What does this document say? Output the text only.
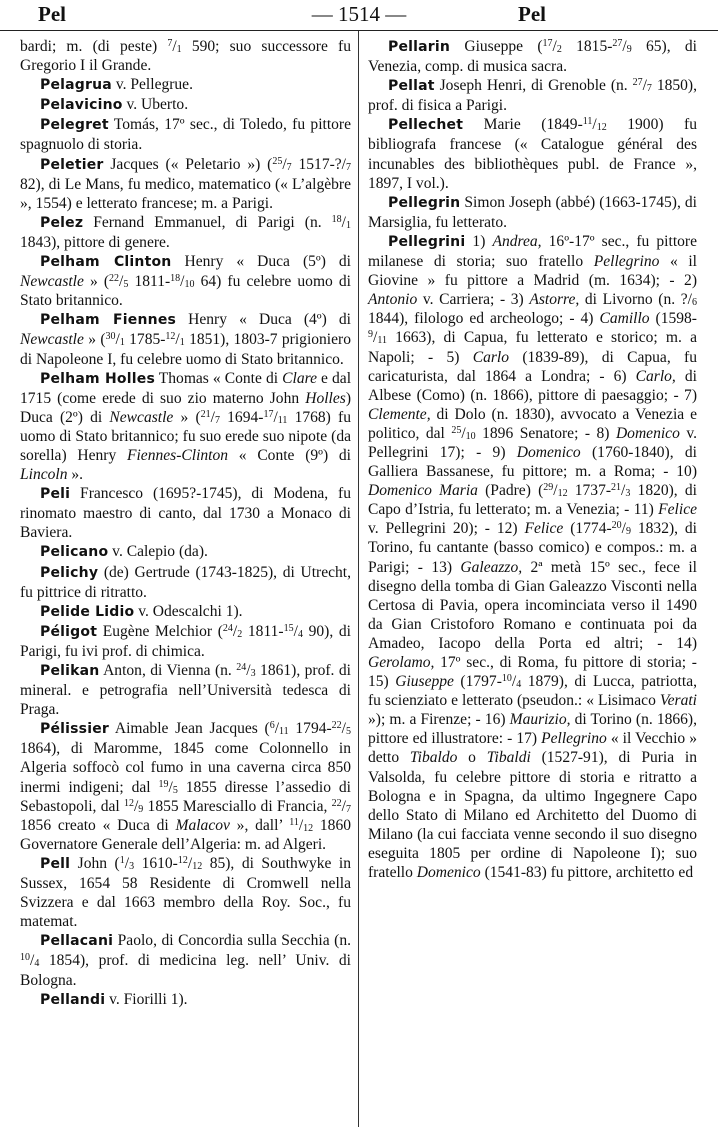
Pel	— 1514 —	Pel

bardi; m. (di peste) $^7/_1$ 590; suo successore fu Gregorio I il Grande.

Pelagrua v. Pellegrue.

Pelavicino v. Uberto.

Pelegret Tomás, 17º sec., di Toledo, fu pittore spagnuolo di storia.

Peletier Jacques (« Peletario ») ($^{25}/_7$ $1517-?/_7$ 82), di Le Mans, fu medico, matematico (« L’algèbre », 1554) e letterato francese; m. a Parigi.

Pelez Fernand Emmanuel, di Parigi (n. $^{18}/_1$ 1843), pittore di genere.

Pelham Clinton Henry « Duca (5º) di Newcastle » ($^{22}/_5$ $1811-^{18}/_{10}$ 64) fu celebre uomo di Stato britannico.

Pelham Fiennes Henry « Duca (4º) di Newcastle » ($^{30}/_1$ $1785-^{12}/_1$ 1851), 1803-7 prigioniero di Napoleone I, fu celebre uomo di Stato britannico.

Pelham Holles Thomas « Conte di Clare e dal 1715 (come erede di suo zio materno John Holles) Duca (2º) di Newcastle » ($^{21}/_7$ $1694-^{17}/_{11}$ 1768) fu uomo di Stato britannico; fu suo erede suo nipote (da sorella) Henry Fiennes-Clinton « Conte (9º) di Lincoln ».

Peli Francesco (1695?-1745), di Modena, fu rinomato maestro di canto, dal 1730 a Monaco di Baviera.

Pelicano v. Calepio (da).

Pelichy (de) Gertrude (1743-1825), di Utrecht, fu pittrice di ritratto.

Pelide Lidio v. Odescalchi 1).

Péligot Eugène Melchior ($^{24}/_2$ $1811-^{15}/_4$ 90), di Parigi, fu ivi prof. di chimica.

Pelikan Anton, di Vienna (n. $^{24}/_3$ 1861), prof. di mineral. e petrografia nell’Università tedesca di Praga.

Pélissier Aimable Jean Jacques ($^6/_{11}$ $1794-^{22}/_5$ 1864), di Maromme, 1845 come Colonnello in Algeria soffocò col fumo in una caverna circa 850 inermi indigeni; dal $^{19}/_5$ 1855 diresse l’assedio di Sebastopoli, dal $^{12}/_9$ 1855 Maresciallo di Francia, $^{22}/_7$ 1856 creato « Duca di Malacov », dall’ $^{11}/_{12}$ 1860 Governatore Generale dell’Algeria: m. ad Algeri.

Pell John ($^1/_3$ $1610-^{12}/_{12}$ 85), di Southwyke in Sussex, 1654 58 Residente di Cromwell nella Svizzera e dal 1663 membro della Roy. Soc., fu matemat.

Pellacani Paolo, di Concordia sulla Secchia (n. $^{10}/_4$ 1854), prof. di medicina leg. nell’ Univ. di Bologna.

Pellandi v. Fiorilli 1).

Pellarin Giuseppe ($^{17}/_2$ $1815-^{27}/_9$ 65), di Venezia, comp. di musica sacra.

Pellat Joseph Henri, di Grenoble (n. $^{27}/_7$ 1850), prof. di fisica a Parigi.

Pellechet Marie ($1849-^{11}/_{12}$ 1900) fu bibliografa francese (« Catalogue général des incunables des bibliothèques publ. de France », 1897, I vol.).

Pellegrin Simon Joseph (abbé) (1663-1745), di Marsiglia, fu letterato.

Pellegrini 1) Andrea, 16º-17º sec., fu pittore milanese di storia; suo fratello Pellegrino « il Giovine » fu pittore a Madrid (m. 1634); - 2) Antonio v. Carriera; - 3) Astorre, di Livorno (n. $?/_6$ 1844), filologo ed archeologo; - 4) Camillo ($1598-^9/_{11}$ 1663), di Capua, fu letterato e storico; m. a Napoli; - 5) Carlo (1839-89), di Capua, fu caricaturista, dal 1864 a Londra; - 6) Carlo, di Albese (Como) (n. 1866), pittore di paesaggio; - 7) Clemente, di Dolo (n. 1830), avvocato a Venezia e politico, dal $^{25}/_{10}$ 1896 Senatore; - 8) Domenico v. Pellegrini 17); - 9) Domenico (1760-1840), di Galliera Bassanese, fu pittore; m. a Roma; - 10) Domenico Maria (Padre) ($^{29}/_{12}$ $1737-^{21}/_3$ 1820), di Capo d’Istria, fu letterato; m. a Venezia; - 11) Felice v. Pellegrini 20); - 12) Felice ($1774-^{20}/_9$ 1832), di Torino, fu cantante (basso comico) e compos.: m. a Parigi; - 13) Galeazzo, 2ª metà 15º sec., fece il disegno della tomba di Gian Galeazzo Visconti nella Certosa di Pavia, opera incominciata verso il 1490 da Gian Cristoforo Romano e continuata poi da Amadeo, Iacopo della Porta ed altri; - 14) Gerolamo, 17º sec., di Roma, fu pittore di storia; - 15) Giuseppe ($1797-^{10}/_4$ 1879), di Lucca, patriotta, fu scienziato e letterato (pseudon.: « Lisimaco Verati »); m. a Firenze; - 16) Maurizio, di Torino (n. 1866), pittore ed illustratore: - 17) Pellegrino « il Vecchio » detto Tibaldo o Tibaldi (1527-91), di Puria in Valsolda, fu celebre pittore di storia e ritratto a Bologna e in Spagna, da ultimo Ingegnere Capo dello Stato di Milano ed Architetto del Duomo di Milano (la cui facciata venne secondo il suo disegno eseguita 1805 per ordine di Napoleone I); suo fratello Domenico (1541-83) fu pittore, architetto ed
